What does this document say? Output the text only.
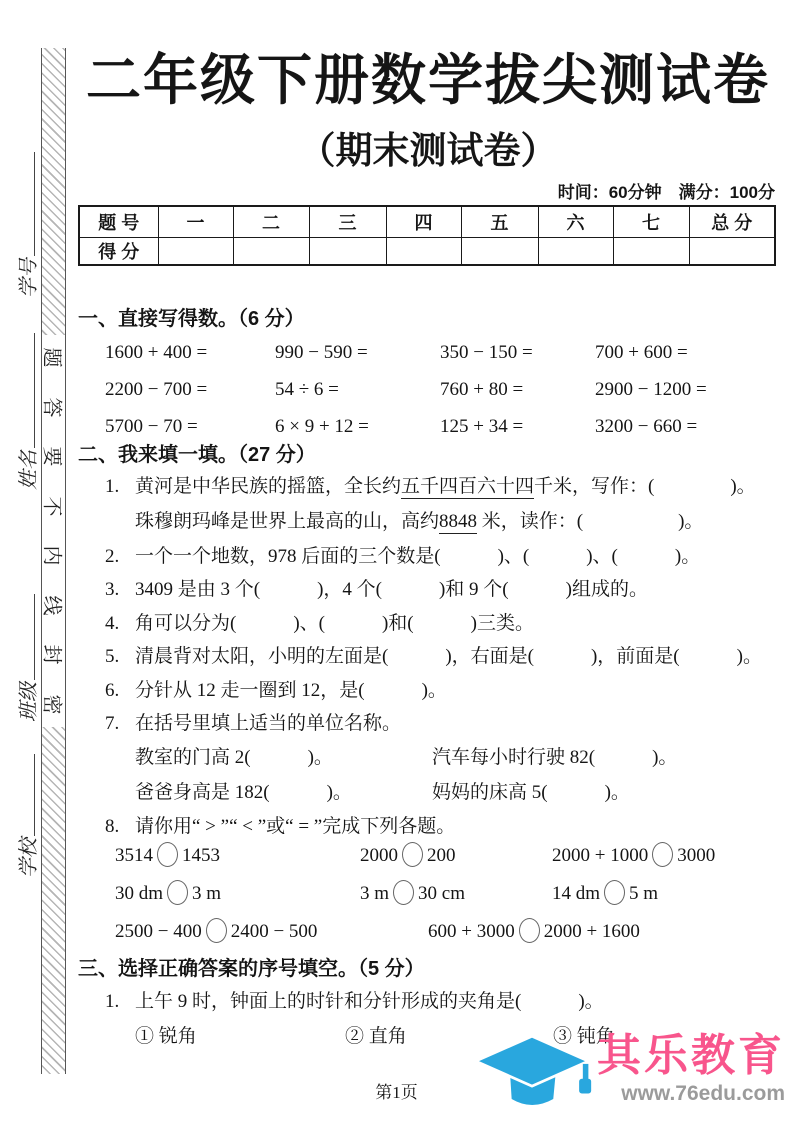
学号
姓名
班级
学校
题
答
要
不
内
线
封
密
二年级下册数学拔尖测试卷
（期末测试卷）
时间：60分钟　满分：100分
题 号	一	二	三	四	五	六	七	总 分
得 分								
一、直接写得数。（6 分）
1600 + 400 =	990 − 590 =	350 − 150 =	700 + 600 =
2200 − 700 =	54 ÷ 6 =	760 + 80 =	2900 − 1200 =
5700 − 70 =	6 × 9 + 12 =	125 + 34 =	3200 − 660 =
二、我来填一填。（27 分）
1. 黄河是中华民族的摇篮，全长约五千四百六十四千米，写作：(　　　　)。
珠穆朗玛峰是世界上最高的山，高约8848 米，读作：(　　　　　)。
2. 一个一个地数，978 后面的三个数是(　　　)、(　　　)、(　　　)。
3. 3409 是由 3 个(　　　)，4 个(　　　)和 9 个(　　　)组成的。
4. 角可以分为(　　　)、(　　　)和(　　　)三类。
5. 清晨背对太阳，小明的左面是(　　　)，右面是(　　　)，前面是(　　　)。
6. 分针从 12 走一圈到 12，是(　　　)。
7. 在括号里填上适当的单位名称。
教室的门高 2(　　　)。	汽车每小时行驶 82(　　　)。
爸爸身高是 182(　　　)。	妈妈的床高 5(　　　)。
8. 请你用“ > ”“ < ”或“ = ”完成下列各题。
3514 1453	2000 200	2000 + 1000 3000
30 dm 3 m	3 m 30 cm	14 dm 5 m
2500 − 400 2400 − 500	600 + 3000 2000 + 1600
三、选择正确答案的序号填空。（5 分）
1. 上午 9 时，钟面上的时针和分针形成的夹角是(　　　)。
① 锐角	② 直角	③ 钝角
第1页
其乐教育
www.76edu.com
